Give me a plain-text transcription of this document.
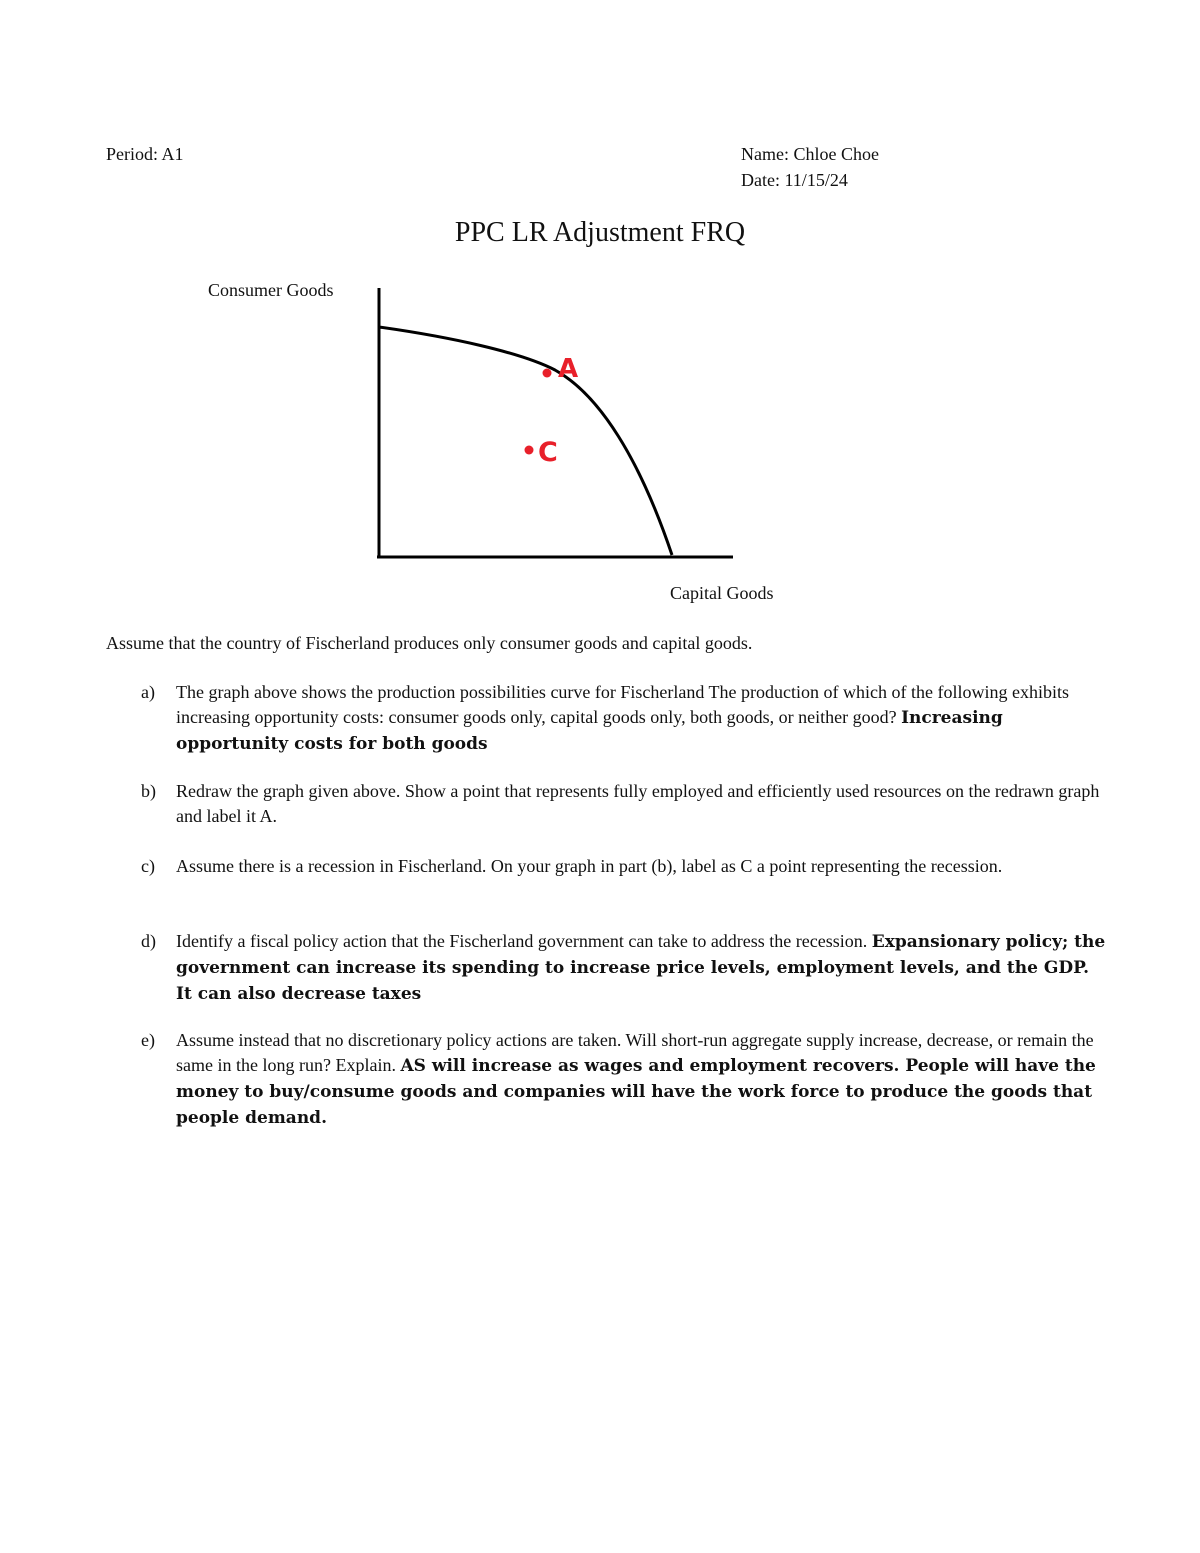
Period: A1	Name: Chloe Choe
Date: 11/15/24
PPC LR Adjustment FRQ
Consumer Goods
Capital Goods
A
C
Assume that the country of Fischerland produces only consumer goods and capital goods.
a) The graph above shows the production possibilities curve for Fischerland The production of which of the following exhibits increasing opportunity costs: consumer goods only, capital goods only, both goods, or neither good? Increasing opportunity costs for both goods
b) Redraw the graph given above. Show a point that represents fully employed and efficiently used resources on the redrawn graph and label it A.
c) Assume there is a recession in Fischerland. On your graph in part (b), label as C a point representing the recession.
d) Identify a fiscal policy action that the Fischerland government can take to address the recession. Expansionary policy; the government can increase its spending to increase price levels, employment levels, and the GDP. It can also decrease taxes
e) Assume instead that no discretionary policy actions are taken. Will short-run aggregate supply increase, decrease, or remain the same in the long run? Explain. AS will increase as wages and employment recovers. People will have the money to buy/consume goods and companies will have the work force to produce the goods that people demand.
